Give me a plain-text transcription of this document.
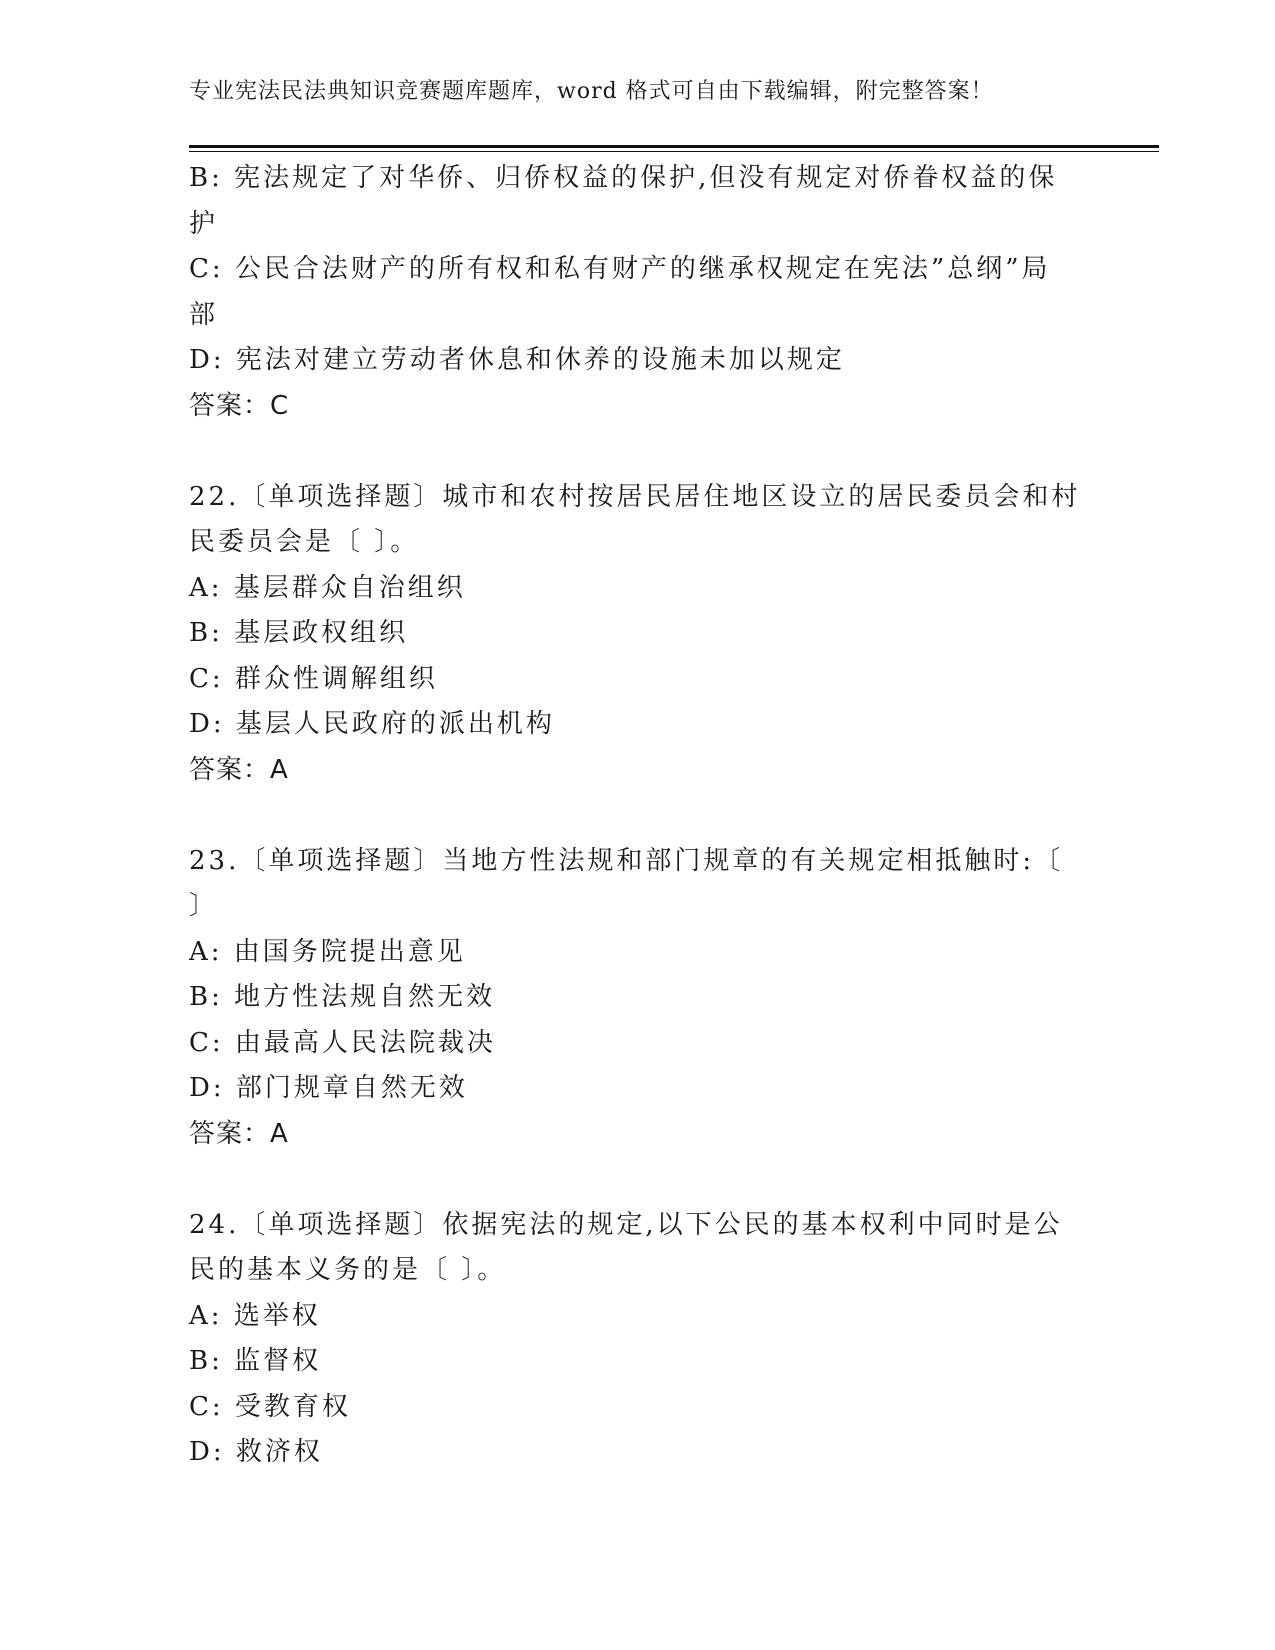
专业宪法民法典知识竞赛题库题库，word 格式可自由下载编辑，附完整答案！
B: 宪法规定了对华侨、归侨权益的保护,但没有规定对侨眷权益的保
护
C: 公民合法财产的所有权和私有财产的继承权规定在宪法”总纲”局
部
D: 宪法对建立劳动者休息和休养的设施未加以规定
答案：C
22.〔单项选择题〕城市和农村按居民居住地区设立的居民委员会和村
民委员会是〔 〕。
A: 基层群众自治组织
B: 基层政权组织
C: 群众性调解组织
D: 基层人民政府的派出机构
答案：A
23.〔单项选择题〕当地方性法规和部门规章的有关规定相抵触时:〔
〕
A: 由国务院提出意见
B: 地方性法规自然无效
C: 由最高人民法院裁决
D: 部门规章自然无效
答案：A
24.〔单项选择题〕依据宪法的规定,以下公民的基本权利中同时是公
民的基本义务的是〔 〕。
A: 选举权
B: 监督权
C: 受教育权
D: 救济权
